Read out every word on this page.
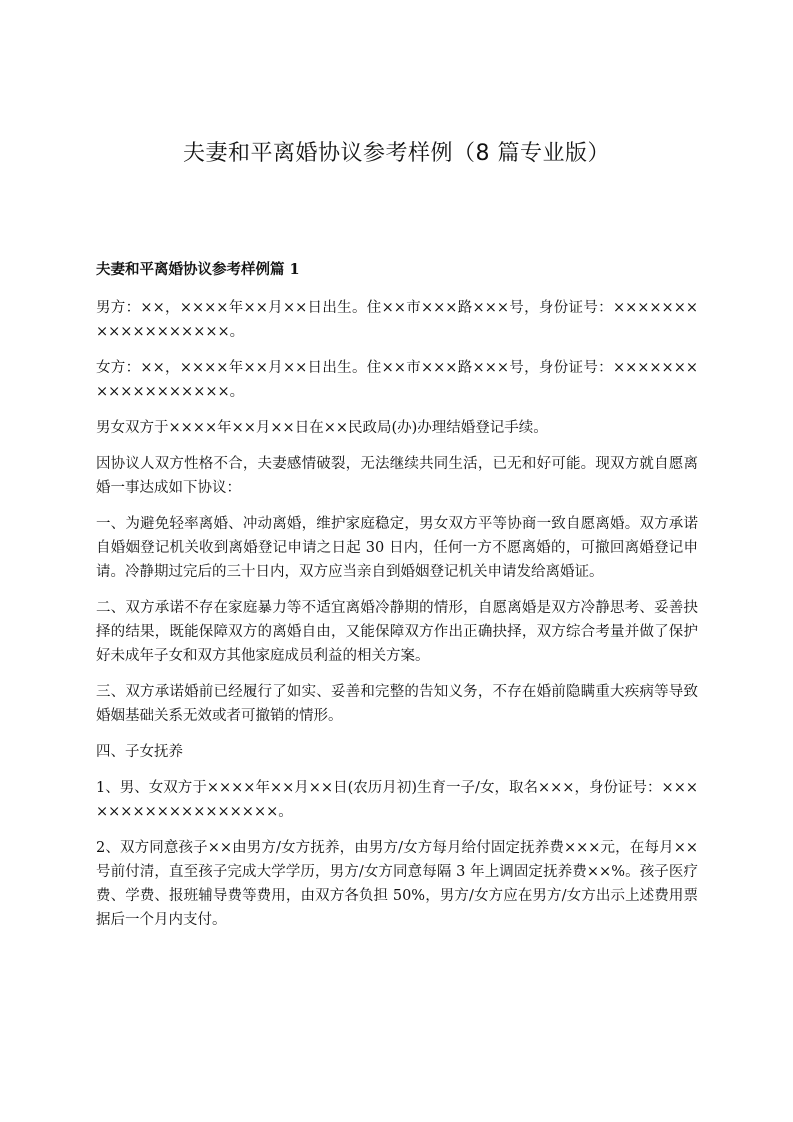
夫妻和平离婚协议参考样例（8 篇专业版）

夫妻和平离婚协议参考样例篇 1

男方：××，××××年××月××日出生。住××市×××路×××号，身份证号：××××××××××××××××××。

女方：××，××××年××月××日出生。住××市×××路×××号，身份证号：××××××××××××××××××。

男女双方于××××年××月××日在××民政局(办)办理结婚登记手续。

因协议人双方性格不合，夫妻感情破裂，无法继续共同生活，已无和好可能。现双方就自愿离婚一事达成如下协议：

一、为避免轻率离婚、冲动离婚，维护家庭稳定，男女双方平等协商一致自愿离婚。双方承诺自婚姻登记机关收到离婚登记申请之日起 30 日内，任何一方不愿离婚的，可撤回离婚登记申请。冷静期过完后的三十日内，双方应当亲自到婚姻登记机关申请发给离婚证。

二、双方承诺不存在家庭暴力等不适宜离婚冷静期的情形，自愿离婚是双方冷静思考、妥善抉择的结果，既能保障双方的离婚自由，又能保障双方作出正确抉择，双方综合考量并做了保护好未成年子女和双方其他家庭成员利益的相关方案。

三、双方承诺婚前已经履行了如实、妥善和完整的告知义务，不存在婚前隐瞒重大疾病等导致婚姻基础关系无效或者可撤销的情形。

四、子女抚养

1、男、女双方于××××年××月××日(农历月初)生育一子/女，取名×××，身份证号：××××××××××××××××××。

2、双方同意孩子××由男方/女方抚养，由男方/女方每月给付固定抚养费×××元，在每月××号前付清，直至孩子完成大学学历，男方/女方同意每隔 3 年上调固定抚养费××%。孩子医疗费、学费、报班辅导费等费用，由双方各负担 50%，男方/女方应在男方/女方出示上述费用票据后一个月内支付。
